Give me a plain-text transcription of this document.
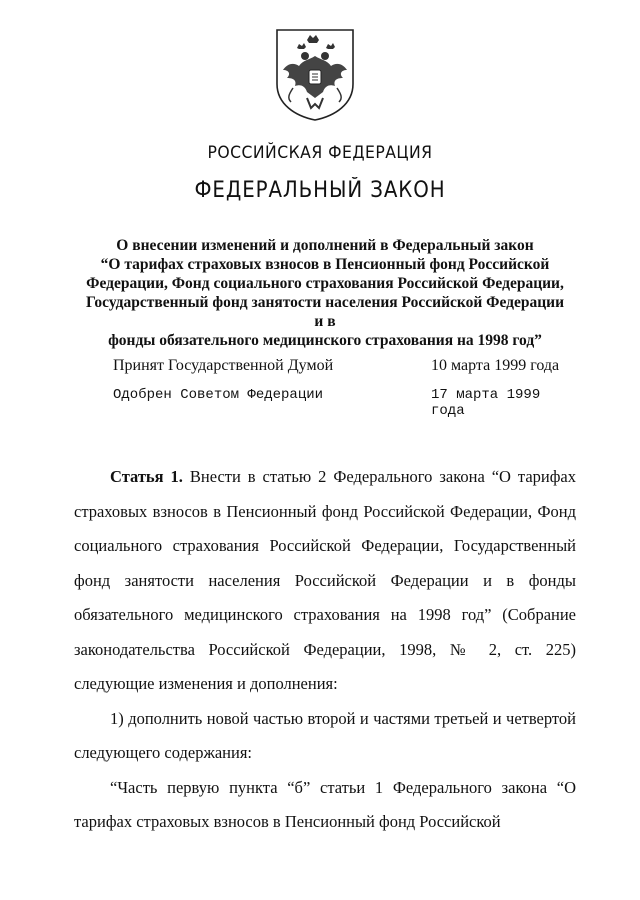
РОССИЙСКАЯ ФЕДЕРАЦИЯ
ФЕДЕРАЛЬНЫЙ ЗАКОН
О внесении изменений и дополнений в Федеральный закон
“О тарифах страховых взносов в Пенсионный фонд Российской
Федерации, Фонд социального страхования Российской Федерации,
Государственный фонд занятости населения Российской Федерации и в
фонды обязательного медицинского страхования на 1998 год”
Принят Государственной Думой	10 марта 1999 года
Одобрен Советом Федерации	17 марта 1999 года

Статья 1. Внести в статью 2 Федерального закона “О тарифах страховых взносов в Пенсионный фонд Российской Федерации, Фонд социального страхования Российской Федерации, Государственный фонд занятости населения Российской Федерации и в фонды обязательного медицинского страхования на 1998 год” (Собрание законодательства Российской Федерации, 1998, № 2, ст. 225) следующие изменения и дополнения:

1) дополнить новой частью второй и частями третьей и четвертой следующего содержания:

“Часть первую пункта “б” статьи 1 Федерального закона “О тарифах страховых взносов в Пенсионный фонд Российской
